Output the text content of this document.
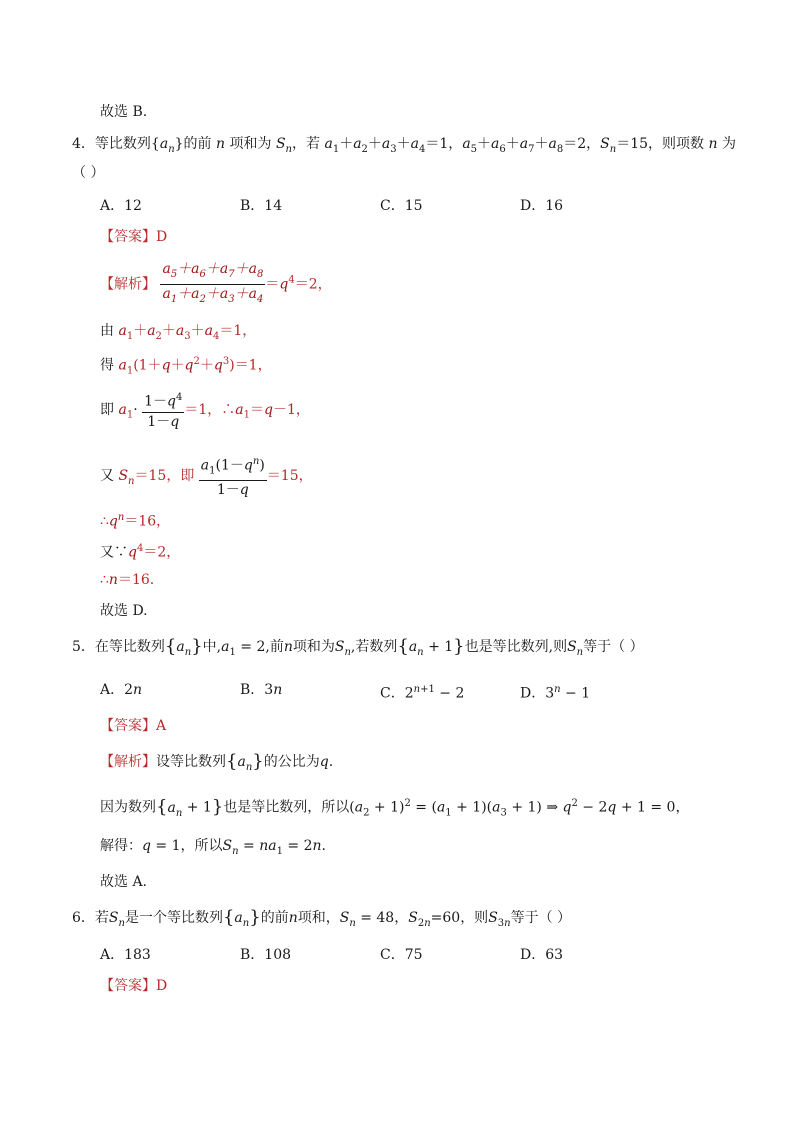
故选 B.
4．等比数列$\{a_n\}$的前 n 项和为 $S_n$，若 $a_1+a_2+a_3+a_4=1$，$a_5+a_6+a_7+a_8=2$，$S_n=15$，则项数 n 为
（ ）
A．12	B．14	C．15	D．16
【答案】D
【解析】 $\frac{a_5+a_6+a_7+a_8}{a_1+a_2+a_3+a_4} =q^4=2$，
由 $a_1+a_2+a_3+a_4=1$，
得 $a_1(1+q+q^2+q^3)=1$，
即 $a_1\cdot \frac{1-q^4}{1-q} =1$，$\therefore a_1=q-1$，
又 $S_n=15$，即 $\frac{a_1(1-q^n)}{1-q} =15$，
$\therefore q^n=16$，
又$\because q^4=2$，
∴n＝16.
故选 D.
5．在等比数列$\{a_n\}$中$,a_1 = 2$,前n项和为$S_n$,若数列$\{a_n + 1\}$也是等比数列,则$S_n$等于（ ）
A．2n	B．3n	C．$2^{n+1} - 2$	D．$3^n - 1$
【答案】A
【解析】设等比数列$\{a_n\}$的公比为q.
因为数列$\{a_n + 1\}$也是等比数列，所以$(a_2 + 1)^2 = (a_1 + 1)(a_3 + 1)$ ⇒ $q^2 - 2q + 1 = 0$，
解得：q = 1，所以$S_n = na_1 = 2n$.
故选 A.
6．若$S_n$是一个等比数列$\{a_n\}$的前n项和，$S_n = 48$，$S_{2n}=60$，则$S_{3n}$等于（ ）
A．183	B．108	C．75	D．63
【答案】D
